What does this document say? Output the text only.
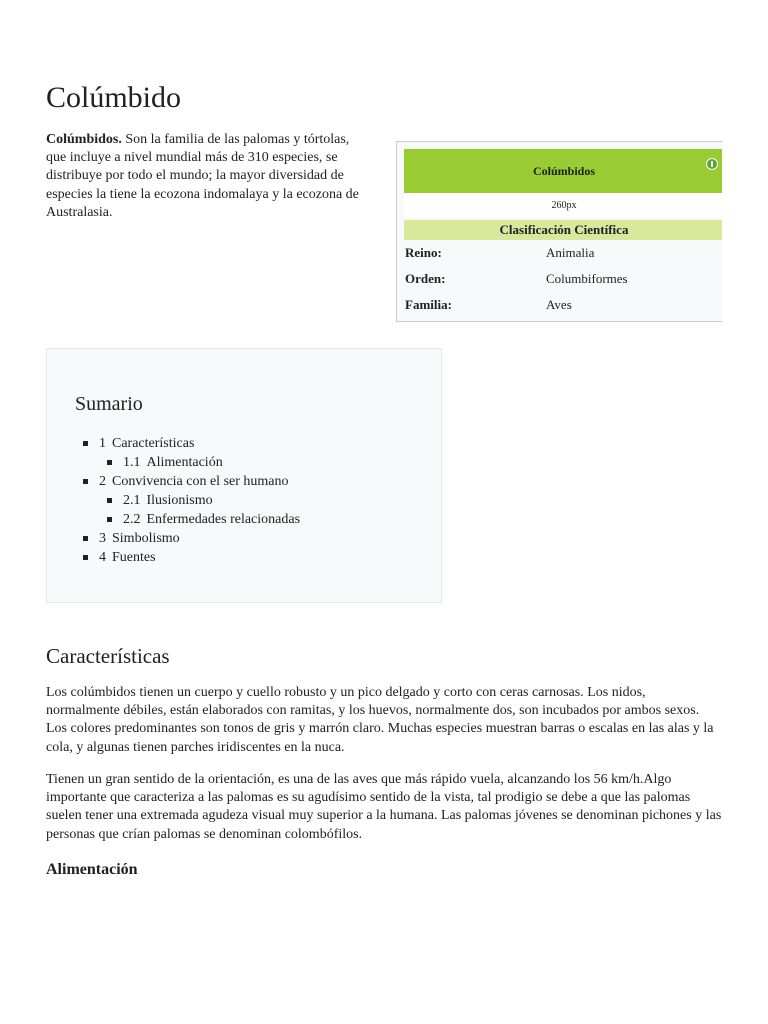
Colúmbido

Colúmbidos. Son la familia de las palomas y tórtolas, que incluye a nivel mundial más de 310 especies, se distribuye por todo el mundo; la mayor diversidad de especies la tiene la ecozona indomalaya y la ecozona de Australasia.

Colúmbidos
260px
Clasificación Científica
Reino:	Animalia
Orden:	Columbiformes
Familia:	Aves
Sumario
1 Características
1.1 Alimentación
2 Convivencia con el ser humano
2.1 Ilusionismo
2.2 Enfermedades relacionadas
3 Simbolismo
4 Fuentes
Características

Los colúmbidos tienen un cuerpo y cuello robusto y un pico delgado y corto con ceras carnosas. Los nidos, normalmente débiles, están elaborados con ramitas, y los huevos, normalmente dos, son incubados por ambos sexos. Los colores predominantes son tonos de gris y marrón claro. Muchas especies muestran barras o escalas en las alas y la cola, y algunas tienen parches iridiscentes en la nuca.

Tienen un gran sentido de la orientación, es una de las aves que más rápido vuela, alcanzando los 56 km/h.Algo importante que caracteriza a las palomas es su agudísimo sentido de la vista, tal prodigio se debe a que las palomas suelen tener una extremada agudeza visual muy superior a la humana. Las palomas jóvenes se denominan pichones y las personas que crían palomas se denominan colombófilos.

Alimentación
